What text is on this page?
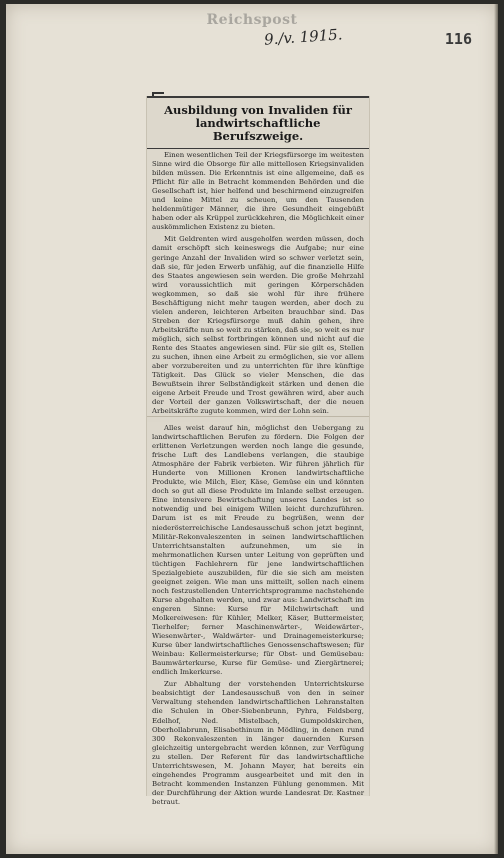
Reichspost
9./v. 1915.	116
Ausbildung von Invaliden für landwirtschaftliche Berufszweige.

Einen wesentlichen Teil der Kriegsfürsorge im weitesten Sinne wird die Obsorge für alle mittellosen Kriegsinvaliden bilden müssen. Die Erkenntnis ist eine allgemeine, daß es Pflicht für alle in Betracht kommenden Behörden und die Gesellschaft ist, hier helfend und beschirmend einzugreifen und keine Mittel zu scheuen, um den Tausenden heldenmütiger Männer, die ihre Gesundheit eingebüßt haben oder als Krüppel zurückkehren, die Möglichkeit einer auskömmlichen Existenz zu bieten.

Mit Geldrenten wird ausgeholfen werden müssen, doch damit erschöpft sich keineswegs die Aufgabe; nur eine geringe Anzahl der Invaliden wird so schwer verletzt sein, daß sie, für jeden Erwerb unfähig, auf die finanzielle Hilfe des Staates angewiesen sein werden. Die große Mehrzahl wird voraussichtlich mit geringen Körperschäden wegkommen, so daß sie wohl für ihre frühere Beschäftigung nicht mehr taugen werden, aber doch zu vielen anderen, leichteren Arbeiten brauchbar sind. Das Streben der Kriegsfürsorge muß dahin gehen, ihre Arbeitskräfte nun so weit zu stärken, daß sie, so weit es nur möglich, sich selbst fortbringen können und nicht auf die Rente des Staates angewiesen sind. Für sie gilt es, Stellen zu suchen, ihnen eine Arbeit zu ermöglichen, sie vor allem aber vorzubereiten und zu unterrichten für ihre künftige Tätigkeit. Das Glück so vieler Menschen, die das Bewußtsein ihrer Selbständigkeit stärken und denen die eigene Arbeit Freude und Trost gewähren wird, aber auch der Vorteil der ganzen Volkswirtschaft, der die neuen Arbeitskräfte zugute kommen, wird der Lohn sein.

Alles weist darauf hin, möglichst den Uebergang zu landwirtschaftlichen Berufen zu fördern. Die Folgen der erlittenen Verletzungen werden noch lange die gesunde, frische Luft des Landlebens verlangen, die staubige Atmosphäre der Fabrik verbieten. Wir führen jährlich für Hunderte von Millionen Kronen landwirtschaftliche Produkte, wie Milch, Eier, Käse, Gemüse ein und könnten doch so gut all diese Produkte im Inlande selbst erzeugen. Eine intensivere Bewirtschaftung unseres Landes ist so notwendig und bei einigem Willen leicht durchzuführen. Darum ist es mit Freude zu begrüßen, wenn der niederösterreichische Landesausschuß schon jetzt beginnt, Militär-Rekonvaleszenten in seinen landwirtschaftlichen Unterrichtsanstalten aufzunehmen, um sie in mehrmonatlichen Kursen unter Leitung von geprüften und tüchtigen Fachlehrern für jene landwirtschaftlichen Spezialgebiete auszubilden, für die sie sich am meisten geeignet zeigen. Wie man uns mitteilt, sollen nach einem noch festzustellenden Unterrichtsprogramme nachstehende Kurse abgehalten werden, und zwar aus: Landwirtschaft im engeren Sinne: Kurse für Milchwirtschaft und Molkereiwesen: für Kühler, Melker, Käser, Buttermeister, Tierhelfer; ferner Maschinenwärter-, Weidewärter-, Wiesenwärter-, Waldwärter- und Drainagemeisterkurse; Kurse über landwirtschaftliches Genossenschaftswesen; für Weinbau: Kellermeisterkurse; für Obst- und Gemüsebau: Baumwärterkurse, Kurse für Gemüse- und Ziergärtnerei; endlich Imkerkurse.

Zur Abhaltung der vorstehenden Unterrichtskurse beabsichtigt der Landesausschuß von den in seiner Verwaltung stehenden landwirtschaftlichen Lehranstalten die Schulen in Ober-Siebenbrunn, Pyhra, Feldsberg, Edelhof, Ned. Mistelbach, Gumpoldskirchen, Oberhollabrunn, Elisabethinum in Mödling, in denen rund 300 Rekonvaleszenten in länger dauernden Kursen gleichzeitig untergebracht werden können, zur Verfügung zu stellen. Der Referent für das landwirtschaftliche Unterrichtswesen, M. Johann Mayer, hat bereits ein eingehendes Programm ausgearbeitet und mit den in Betracht kommenden Instanzen Fühlung genommen. Mit der Durchführung der Aktion wurde Landesrat Dr. Kastner betraut.
